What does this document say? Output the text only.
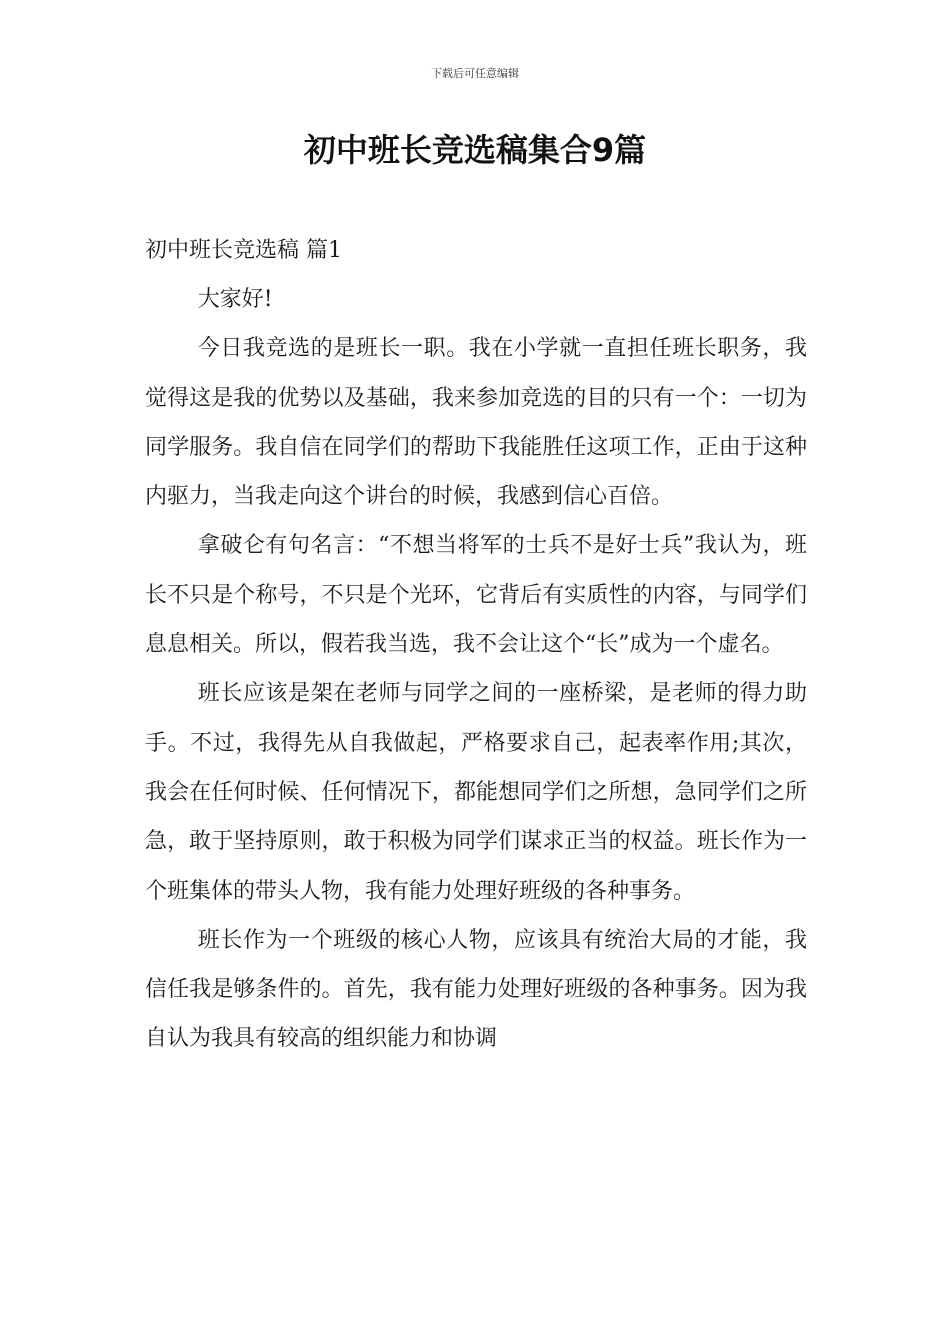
下载后可任意编辑
初中班长竞选稿集合9篇
初中班长竞选稿 篇1

大家好!

今日我竞选的是班长一职。我在小学就一直担任班长职务，我觉得这是我的优势以及基础，我来参加竞选的目的只有一个：一切为同学服务。我自信在同学们的帮助下我能胜任这项工作，正由于这种内驱力，当我走向这个讲台的时候，我感到信心百倍。

拿破仑有句名言：“不想当将军的士兵不是好士兵”我认为，班长不只是个称号，不只是个光环，它背后有实质性的内容，与同学们息息相关。所以，假若我当选，我不会让这个“长”成为一个虚名。

班长应该是架在老师与同学之间的一座桥梁，是老师的得力助手。不过，我得先从自我做起，严格要求自己，起表率作用;其次，我会在任何时候、任何情况下，都能想同学们之所想，急同学们之所急，敢于坚持原则，敢于积极为同学们谋求正当的权益。班长作为一个班集体的带头人物，我有能力处理好班级的各种事务。

班长作为一个班级的核心人物，应该具有统治大局的才能，我信任我是够条件的。首先，我有能力处理好班级的各种事务。因为我自认为我具有较高的组织能力和协调
